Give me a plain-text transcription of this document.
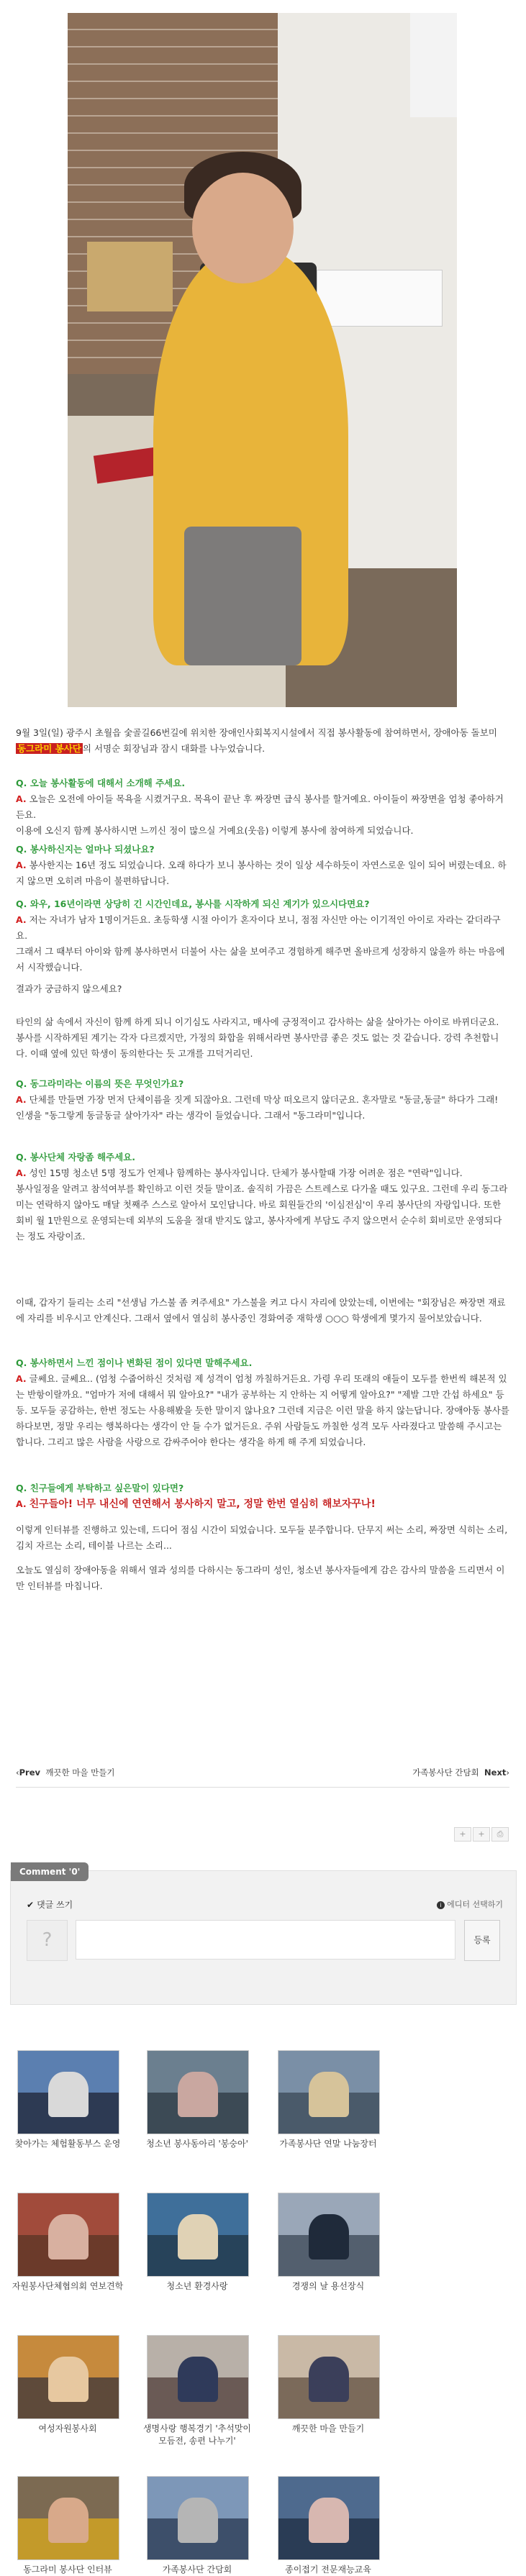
9월 3일(일) 광주시 초월읍 숯골길66번길에 위치한 장애인사회복지시설에서 직접 봉사활동에 참여하면서, 장애아동 돌보미 동그라미 봉사단 의 서명순 회장님과 잠시 대화를 나누었습니다.
Q. 오늘 봉사활동에 대해서 소개해 주세요.
A. 오늘은 오전에 아이들 목욕을 시켰거구요. 목욕이 끝난 후 짜장면 급식 봉사를 할거예요. 아이들이 짜장면을 엄청 좋아하거든요.
이용에 오신지 함께 봉사하시면 느끼신 정이 많으실 거예요(웃음) 이렇게 봉사에 참여하게 되었습니다.
Q. 봉사하신지는 얼마나 되셨나요?
A. 봉사한지는 16년 정도 되었습니다. 오래 하다가 보니 봉사하는 것이 일상 세수하듯이 자연스로운 일이 되어 버렸는데요. 하지 않으면 오히려 마음이 불편하답니다.
Q. 와우, 16년이라면 상당히 긴 시간인데요, 봉사를 시작하게 되신 계기가 있으시다면요?
A. 저는 자녀가 남자 1명이거든요. 초등학생 시절 아이가 혼자이다 보니, 점점 자신만 아는 이기적인 아이로 자라는 같더라구요.
그래서 그 때부터 아이와 함께 봉사하면서 더불어 사는 삶을 보여주고 경험하게 해주면 올바르게 성장하지 않을까 하는 마음에서 시작했습니다.
결과가 궁금하지 않으세요?
타인의 삶 속에서 자신이 함께 하게 되니 이기심도 사라지고, 매사에 긍정적이고 감사하는 삶을 살아가는 아이로 바뀌더군요. 봉사를 시작하게된 계기는 각자 다르겠지만, 가정의 화합을 위해서라면 봉사만큼 좋은 것도 없는 것 같습니다. 강력 추천합니다. 이때 옆에 있던 학생이 동의한다는 듯 고개를 끄덕거리던.
Q. 동그라미라는 이름의 뜻은 무엇인가요?
A. 단체를 만들면 가장 먼저 단체이름을 짓게 되잖아요. 그런데 막상 떠오르지 않더군요. 혼자말로 "동글,동글" 하다가 그래! 인생을 "동그랗게 동글동글 살아가자" 라는 생각이 들었습니다. 그래서 "동그라미"입니다.
Q. 봉사단체 자랑좀 해주세요.
A. 성인 15명 청소년 5명 정도가 언제나 함께하는 봉사자입니다. 단체가 봉사할때 가장 어려운 점은 "연락"입니다.
봉사일정을 알려고 참석여부를 확인하고 이런 것들 말이죠. 솔직히 가끔은 스트레스로 다가올 때도 있구요. 그런데 우리 동그라미는 연락하지 않아도 매달 첫째주 스스로 알아서 모인답니다. 바로 회원들간의 '이심전심'이 우리 봉사단의 자랑입니다. 또한 회비 월 1만원으로 운영되는데 외부의 도움을 절대 받지도 않고, 봉사자에게 부담도 주지 않으면서 순수히 회비로만 운영되다는 정도 자랑이죠.
이때, 갑자기 들리는 소리 "선생님 가스불 좀 켜주세요" 가스불을 켜고 다시 자리에 앉았는데, 이번에는 "회장님은 짜장면 재료에 자리를 비우시고 안계신다. 그래서 옆에서 열심히 봉사중인 경화여중 재학생 ○○○ 학생에게 몇가지 물어보았습니다.
Q. 봉사하면서 느낀 점이나 변화된 점이 있다면 말해주세요.
A. 글쎄요. 글쎄요.. (엄청 수줍어하신 것처럼 제 성격이 엄청 까칠하거든요. 가령 우리 또래의 애들이 모두를 한번씩 해본적 있는 반항이랄까요. "엄마가 저에 대해서 뭐 알아요?" "내가 공부하는 지 안하는 지 어떻게 알아요?" "제발 그만 간섭 하세요" 등 등. 모두들 공감하는, 한번 정도는 사용해봤을 듯한 말이지 않나요? 그런데 지금은 이런 말을 하지 않는답니다. 장애아동 봉사를 하다보면, 정말 우리는 행복하다는 생각이 안 들 수가 없거든요. 주위 사람들도 까칠한 성격 모두 사라졌다고 말씀해 주시고는 합니다. 그리고 많은 사람을 사랑으로 감싸주어야 한다는 생각을 하게 해 주게 되었습니다.
Q. 친구들에게 부탁하고 싶은말이 있다면?
A. 친구들아! 너무 내신에 연연해서 봉사하지 말고, 정말 한번 열심히 해보자꾸나!
이렇게 인터뷰를 진행하고 있는데, 드디어 점심 시간이 되었습니다. 모두들 분주합니다. 단무지 써는 소리, 짜장면 식히는 소리, 김치 자르는 소리, 테이블 나르는 소리...
오늘도 열심히 장애아동을 위해서 열과 성의를 다하시는 동그라미 성인, 청소년 봉사자들에게 감은 감사의 말씀을 드리면서 이만 인터뷰를 마칩니다.
‹Prev 깨끗한 마을 만들기	가족봉사단 간담회 Next›
+	+	⎙
Comment '0'
✔ 댓글 쓰기	i 에디터 선택하기
?	등록
찾아가는 체험활동부스 운영	청소년 봉사동아리 '봉숭아'	가족봉사단 연말 나눔장터
자원봉사단체협의회 연보견학	청소년 환경사랑	경쟁의 날 용선장식
여성자원봉사회	생명사랑 행복경기 '추석맞이 모듬전, 송편 나누기'
깨끗한 마을 만들기
동그라미 봉사단 인터뷰	가족봉사단 간담회	종이접기 전문재능교육
